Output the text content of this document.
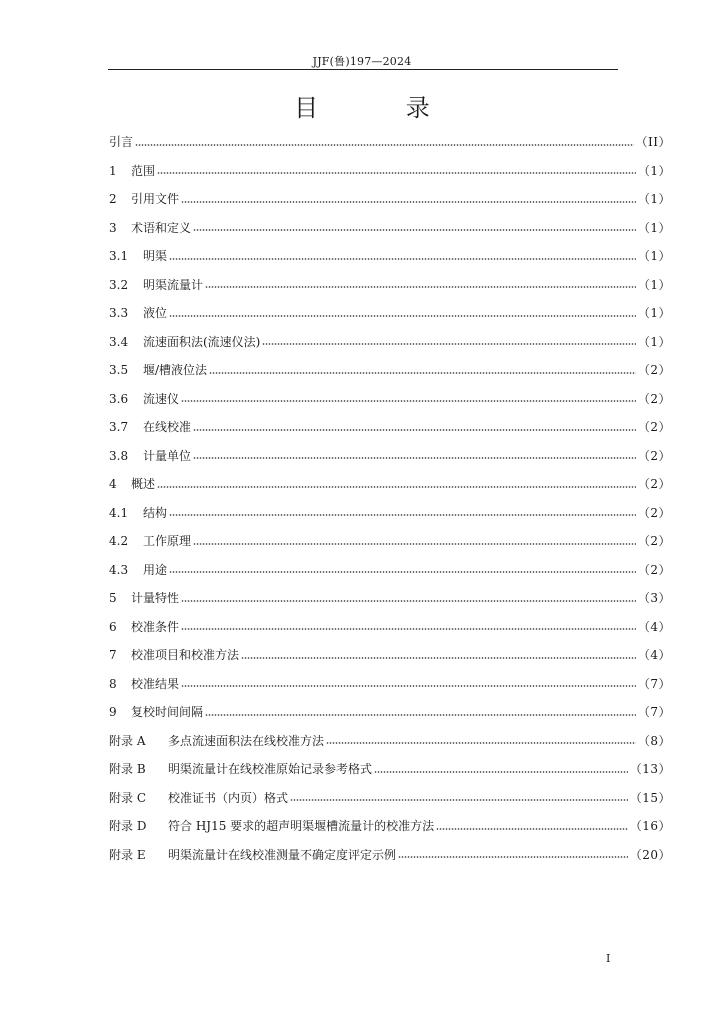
JJF(鲁)197—2024
目 录
引言	（II）
1	范围	（1）
2	引用文件	（1）
3	术语和定义	（1）
3.1	明渠	（1）
3.2	明渠流量计	（1）
3.3	液位	（1）
3.4	流速面积法(流速仪法)	（1）
3.5	堰/槽液位法	（2）
3.6	流速仪	（2）
3.7	在线校准	（2）
3.8	计量单位	（2）
4	概述	（2）
4.1	结构	（2）
4.2	工作原理	（2）
4.3	用途	（2）
5	计量特性	（3）
6	校准条件	（4）
7	校准项目和校准方法	（4）
8	校准结果	（7）
9	复校时间间隔	（7）
附录 A	多点流速面积法在线校准方法	（8）
附录 B	明渠流量计在线校准原始记录参考格式	（13）
附录 C	校准证书（内页）格式	（15）
附录 D	符合 HJ15 要求的超声明渠堰槽流量计的校准方法	（16）
附录 E	明渠流量计在线校准测量不确定度评定示例	（20）
I
